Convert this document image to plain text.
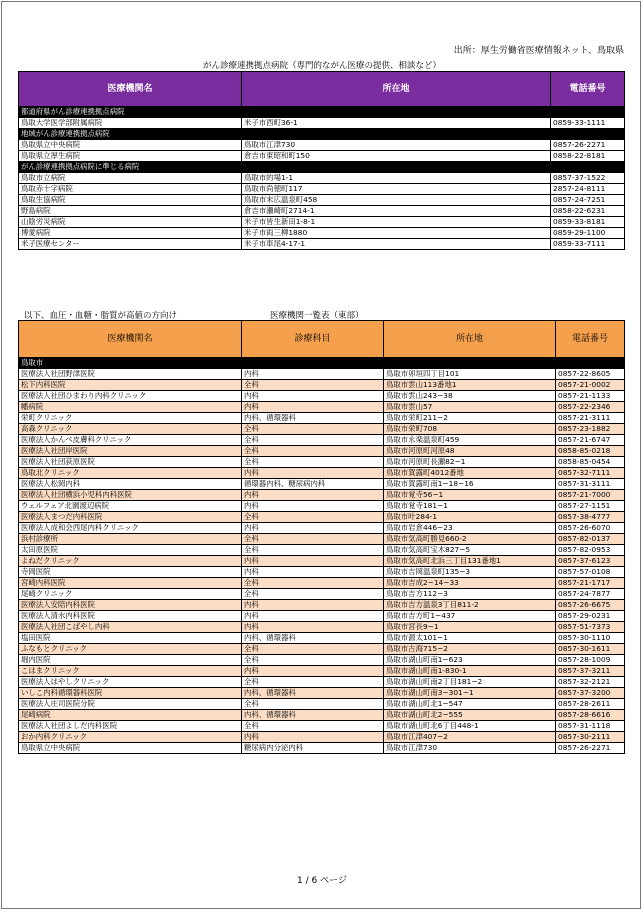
出所：厚生労働省医療情報ネット、鳥取県
がん診療連携拠点病院（専門的ながん医療の提供、相談など）
医療機関名	所在地	電話番号
都道府県がん診療連携拠点病院		
鳥取大学医学部附属病院	米子市西町36-1	0859-33-1111
地域がん診療連携拠点病院		
鳥取県立中央病院	鳥取市江津730	0857-26-2271
鳥取県立厚生病院	倉吉市東昭和町150	0858-22-8181
がん診療連携拠点病院に準じる病院		
鳥取市立病院	鳥取市的場1-1	0857-37-1522
鳥取赤十字病院	鳥取市尚徳町117	2857-24-8111
鳥取生協病院	鳥取市末広温泉町458	0857-24-7251
野島病院	倉吉市瀬崎町2714-1	0858-22-6231
山陰労災病院	米子市皆生新田1-8-1	0859-33-8181
博愛病院	米子市両三柳1880	0859-29-1100
米子医療センター	米子市車尾4-17-1	0859-33-7111
以下、血圧・血糖・脂質が高値の方向け	医療機関一覧表（東部）
医療機関名	診療科目	所在地	電話番号
鳥取市			
医療法人社団野津医院	内科	鳥取市卯垣四丁目101	0857-22-8605
松下内科医院	全科	鳥取市雲山113番地1	0857-21-0002
医療法人社団ひまわり内科クリニック	内科	鳥取市雲山243−38	0857-21-1133
幡病院	内科	鳥取市雲山57	0857-22-2346
栄町クリニック	内科、循環器科	鳥取市栄町211−2	0857-21-3111
高森クリニック	全科	鳥取市栄町708	0857-23-1882
医療法人かんべ皮膚科クリニック	全科	鳥取市永楽温泉町459	0857-21-6747
医療法人社団岸医院	全科	鳥取市河原町河原48	0858-85-0218
医療法人社団荻原医院	全科	鳥取市河原町長瀬82−1	0858-85-0454
鳥取北クリニック	内科	鳥取市賀露町4012番地	0857-32-7111
医療法人松岡内科	循環器内科、糖尿病内科	鳥取市賀露町南1−18−16	0857-31-3111
医療法人社団横浜小児科内科医院	内科	鳥取市覚寺56−1	0857-21-7000
ウェルフェア北園渡辺病院	内科	鳥取市覚寺181−1	0857-27-1151
医療法人まつだ内科医院	全科	鳥取市叶284-1	0857-38-4777
医療法人成和会西尾内科クリニック	内科	鳥取市岩倉446−23	0857-26-6070
浜村診療所	全科	鳥取市気高町勝見660-2	0857-82-0137
太田原医院	全科	鳥取市気高町宝木827−5	0857-82-0953
よねだクリニック	内科	鳥取市気高町北浜三丁目131番地1	0857-37-6123
寺岡医院	内科	鳥取市吉岡温泉町135−3	0857-57-0108
宮崎内科医院	全科	鳥取市吉成2−14−33	0857-21-1717
尾崎クリニック	全科	鳥取市吉方112−3	0857-24-7877
医療法人安陪内科医院	内科	鳥取市吉方温泉3丁目811-2	0857-26-6675
医療法人清水内科医院	内科	鳥取市吉方町1−437	0857-29-0231
医療法人社団こばやし内科	内科	鳥取市宮長9−1	0857-51-7373
塩田医院	内科、循環器科	鳥取市源太101−1	0857-30-1110
ふなもとクリニック	全科	鳥取市古海715−2	0857-30-1611
堀内医院	全科	鳥取市湖山町南1−623	0857-28-1009
こはまクリニック	内科	鳥取市湖山町南1-830-1	0857-37-3211
医療法人はやしクリニック	全科	鳥取市湖山町南2丁目181−2	0857-32-2121
いしこ内科循環器科医院	内科、循環器科	鳥取市湖山町南3−301−1	0857-37-3200
医療法人庄司医院分院	全科	鳥取市湖山町北1−547	0857-28-2611
尾崎病院	内科、循環器科	鳥取市湖山町北2−555	0857-28-6616
医療法人社団よしだ内科医院	全科	鳥取市湖山町北6丁目448-1	0857-31-1118
おか内科クリニック	内科	鳥取市江津407−2	0857-30-2111
鳥取県立中央病院	糖尿病内分泌内科	鳥取市江津730	0857-26-2271
1 / 6 ページ
